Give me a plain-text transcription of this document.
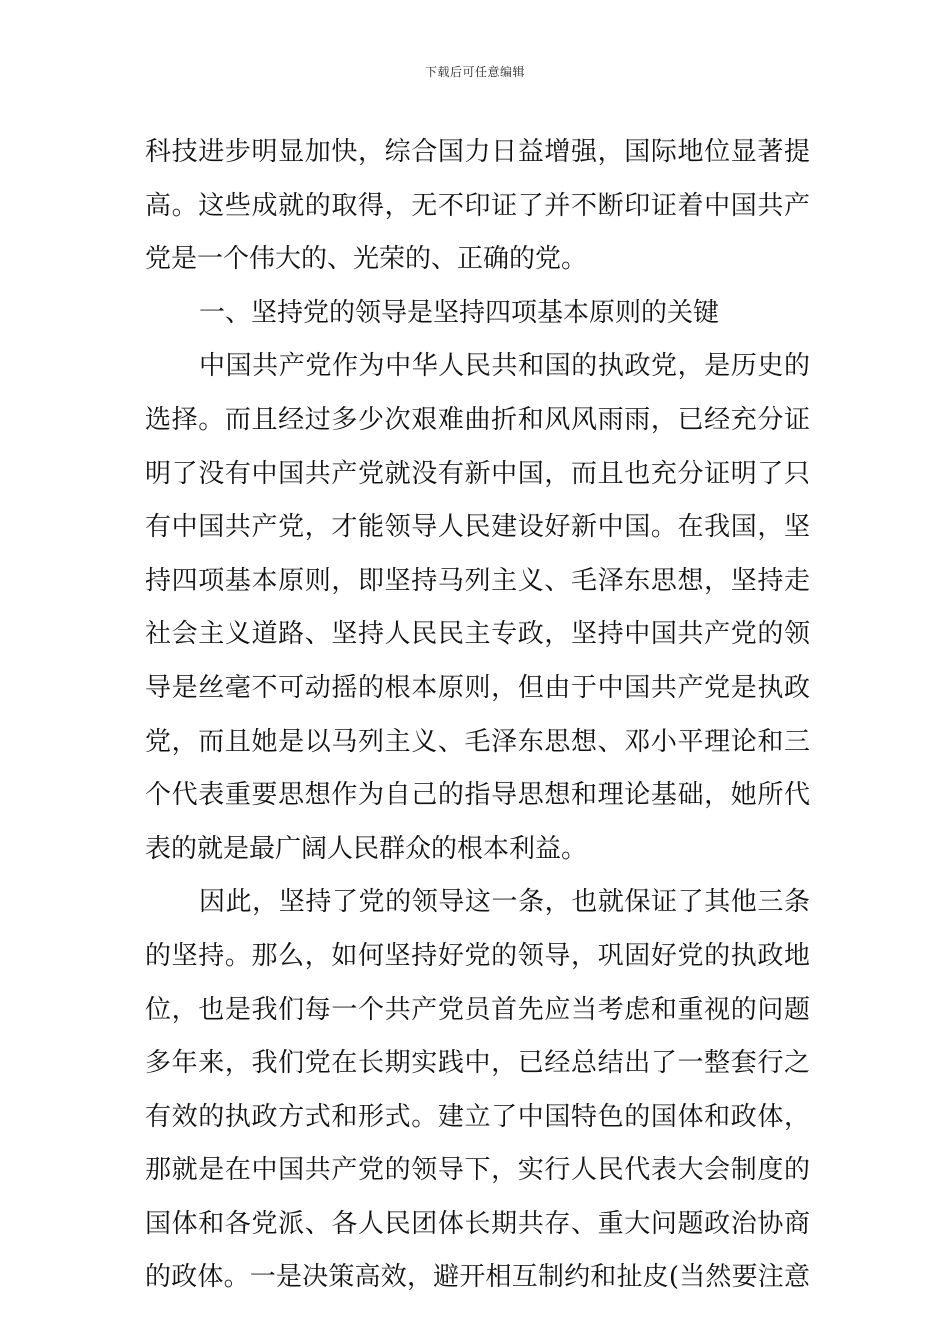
下载后可任意编辑
科技进步明显加快，综合国力日益增强，国际地位显著提
高。这些成就的取得，无不印证了并不断印证着中国共产
党是一个伟大的、光荣的、正确的党。
一、坚持党的领导是坚持四项基本原则的关键
中国共产党作为中华人民共和国的执政党，是历史的
选择。而且经过多少次艰难曲折和风风雨雨，已经充分证
明了没有中国共产党就没有新中国，而且也充分证明了只
有中国共产党，才能领导人民建设好新中国。在我国，坚
持四项基本原则，即坚持马列主义、毛泽东思想，坚持走
社会主义道路、坚持人民民主专政，坚持中国共产党的领
导是丝毫不可动摇的根本原则，但由于中国共产党是执政
党，而且她是以马列主义、毛泽东思想、邓小平理论和三
个代表重要思想作为自己的指导思想和理论基础，她所代
表的就是最广阔人民群众的根本利益。
因此，坚持了党的领导这一条，也就保证了其他三条
的坚持。那么，如何坚持好党的领导，巩固好党的执政地
位，也是我们每一个共产党员首先应当考虑和重视的问题
多年来，我们党在长期实践中，已经总结出了一整套行之
有效的执政方式和形式。建立了中国特色的国体和政体，
那就是在中国共产党的领导下，实行人民代表大会制度的
国体和各党派、各人民团体长期共存、重大问题政治协商
的政体。一是决策高效，避开相互制约和扯皮(当然要注意
